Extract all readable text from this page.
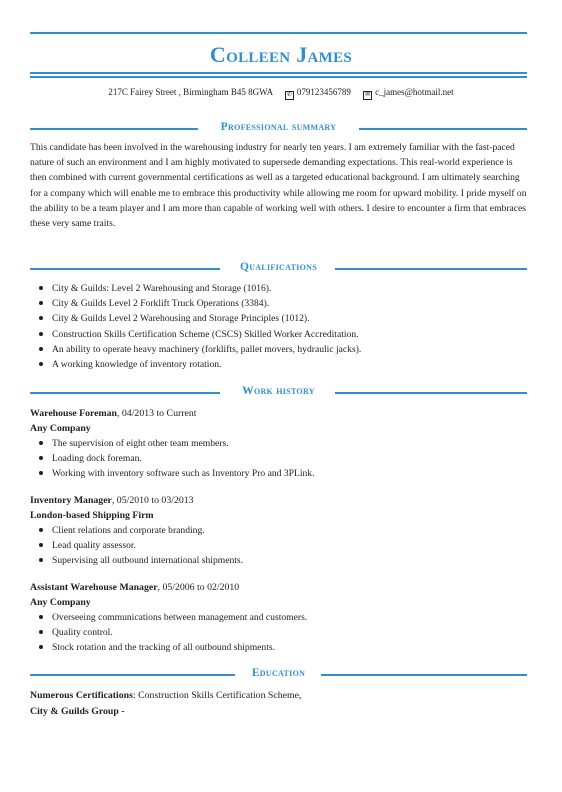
Colleen James
217C Fairey Street , Birmingham B45 8GWA ✆ 079123456789 ✉ c_james@hotmail.net
Professional summary
This candidate has been involved in the warehousing industry for nearly ten years. I am extremely familiar with the fast-paced nature of such an environment and I am highly motivated to supersede demanding expectations. This real-world experience is then combined with current governmental certifications as well as a targeted educational background. I am ultimately searching for a company which will enable me to embrace this productivity while allowing me room for upward mobility. I pride myself on the ability to be a team player and I am more than capable of working well with others. I desire to encounter a firm that embraces these very same traits.
Qualifications
City & Guilds: Level 2 Warehousing and Storage (1016).
City & Guilds Level 2 Forklift Truck Operations (3384).
City & Guilds Level 2 Warehousing and Storage Principles (1012).
Construction Skills Certification Scheme (CSCS) Skilled Worker Accreditation.
An ability to operate heavy machinery (forklifts, pallet movers, hydraulic jacks).
A working knowledge of inventory rotation.
Work history
Warehouse Foreman, 04/2013 to Current
Any Company
The supervision of eight other team members.
Loading dock foreman.
Working with inventory software such as Inventory Pro and 3PLink.
Inventory Manager, 05/2010 to 03/2013
London-based Shipping Firm
Client relations and corporate branding.
Lead quality assessor.
Supervising all outbound international shipments.
Assistant Warehouse Manager, 05/2006 to 02/2010
Any Company
Overseeing communications between management and customers.
Quality control.
Stock rotation and the tracking of all outbound shipments.
Education
Numerous Certifications: Construction Skills Certification Scheme,
City & Guilds Group -
